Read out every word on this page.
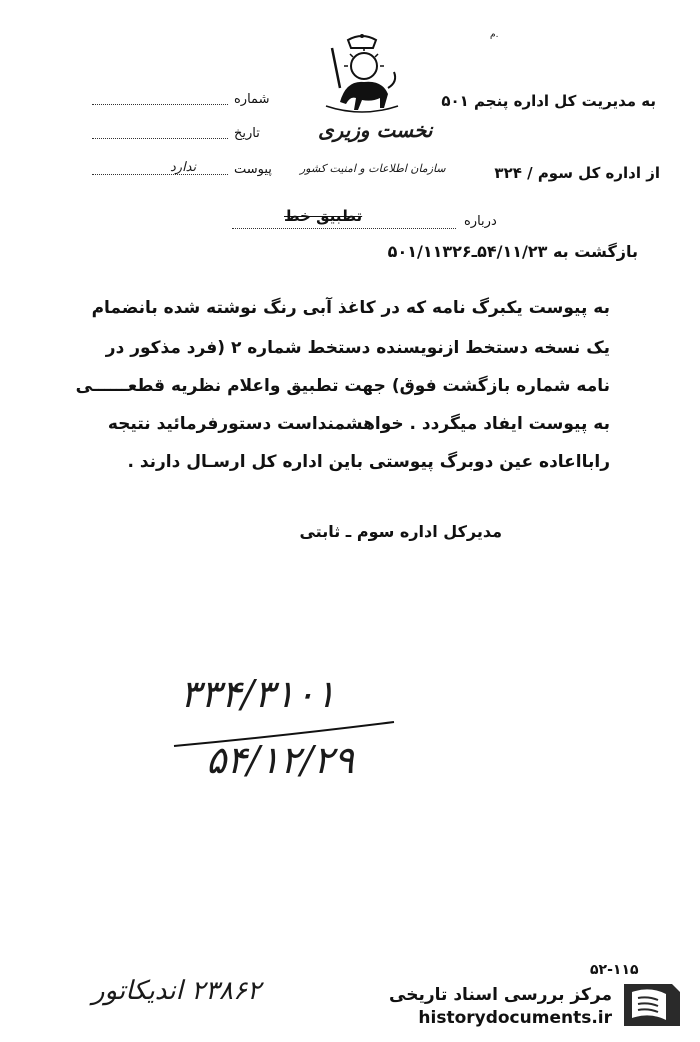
م.
به مدیریت کل اداره پنجم ۵۰۱
از اداره کل سوم / ۳۲۴
نخست وزیری
سازمان اطلاعات و امنیت کشور
شماره
تاریخ
پیوست
ندارد
درباره
تطبیق خط
بازگشت به ۵۴/۱۱/۲۳ـ۵۰۱/۱۱۳۲۶
به پیوست یکبرگ نامه که در کاغذ آبی رنگ نوشته شده بانضمام
یک نسخه دستخط ازنویسنده دستخط شماره ۲ (فرد مذکور در
نامه شماره بازگشت فوق) جهت تطبیق واعلام نظریه قطعــــــی
به پیوست ایفاد میگردد . خواهشمنداست دستورفرمائید نتیجه
رابااعاده عین دوبرگ پیوستی باین اداره کل ارسـال دارند .
مدیرکل اداره سوم ـ ثابتی
۳۳۴/۳۱۰۱
۵۴/۱۲/۲۹
۲۳۸۶۲ اندیکاتور
۵۲-۱۱۵
مرکز بررسی اسناد تاریخی
historydocuments.ir
